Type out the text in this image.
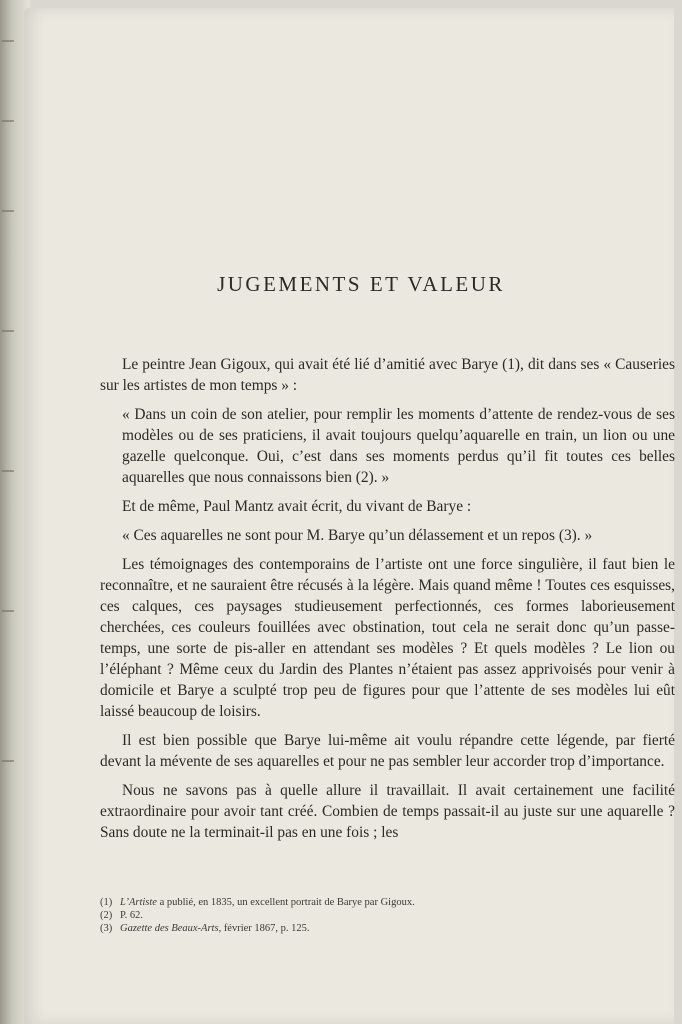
JUGEMENTS ET VALEUR

Le peintre Jean Gigoux, qui avait été lié d’amitié avec Barye (1), dit dans ses « Causeries sur les artistes de mon temps » :

« Dans un coin de son atelier, pour remplir les moments d’attente de rendez-vous de ses modèles ou de ses praticiens, il avait toujours quelqu’aquarelle en train, un lion ou une gazelle quelconque. Oui, c’est dans ses moments perdus qu’il fit toutes ces belles aquarelles que nous connaissons bien (2). »

Et de même, Paul Mantz avait écrit, du vivant de Barye :

« Ces aquarelles ne sont pour M. Barye qu’un délassement et un repos (3). »

Les témoignages des contemporains de l’artiste ont une force singulière, il faut bien le reconnaître, et ne sauraient être récusés à la légère. Mais quand même ! Toutes ces esquisses, ces calques, ces paysages studieusement perfectionnés, ces formes laborieusement cherchées, ces couleurs fouillées avec obstination, tout cela ne serait donc qu’un passe-temps, une sorte de pis-aller en attendant ses modèles ? Et quels modèles ? Le lion ou l’éléphant ? Même ceux du Jardin des Plantes n’étaient pas assez apprivoisés pour venir à domicile et Barye a sculpté trop peu de figures pour que l’attente de ses modèles lui eût laissé beaucoup de loisirs.

Il est bien possible que Barye lui-même ait voulu répandre cette légende, par fierté devant la mévente de ses aquarelles et pour ne pas sembler leur accorder trop d’importance.

Nous ne savons pas à quelle allure il travaillait. Il avait certainement une facilité extraordinaire pour avoir tant créé. Combien de temps passait-il au juste sur une aquarelle ? Sans doute ne la terminait-il pas en une fois ; les

(1) L’Artiste a publié, en 1835, un excellent portrait de Barye par Gigoux.

(2) P. 62.

(3) Gazette des Beaux-Arts, février 1867, p. 125.
